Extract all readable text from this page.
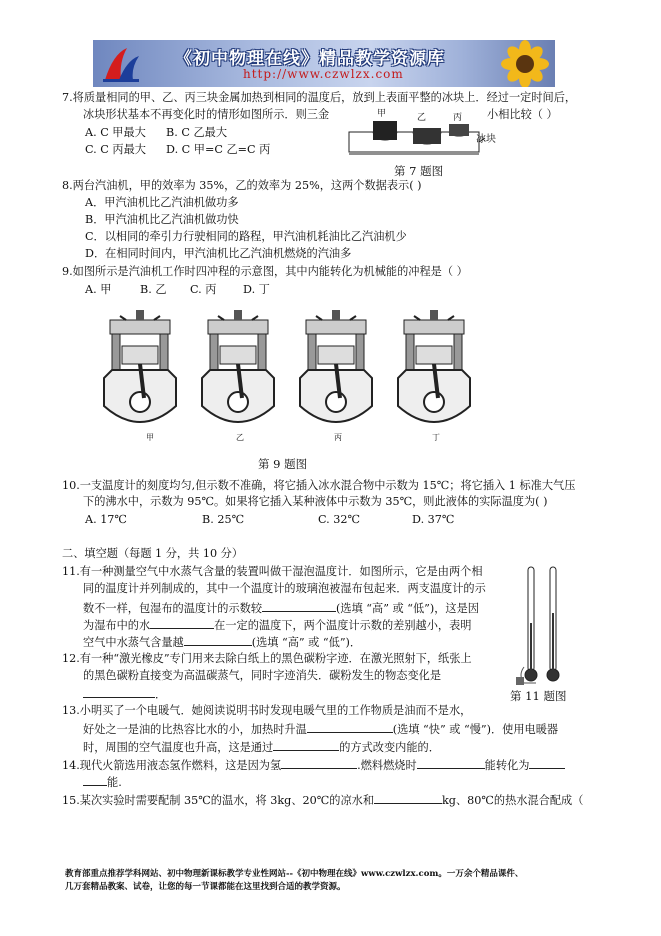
《初中物理在线》精品教学资源库
http://www.czwlzx.com
7.将质量相同的甲、乙、丙三块金属加热到相同的温度后，放到上表面平整的冰块上．经过一定时间后，
冰块形状基本不再变化时的情形如图所示．则三金	小相比较（ ）
A. C 甲最大 B. C 乙最大
C. C 丙最大 D. C 甲=C 乙=C 丙
甲	乙	丙
冰块
第 7 题图
8.两台汽油机，甲的效率为 35%，乙的效率为 25%，这两个数据表示( )
A．甲汽油机比乙汽油机做功多
B．甲汽油机比乙汽油机做功快
C．以相同的牵引力行驶相同的路程，甲汽油机耗油比乙汽油机少
D．在相同时间内，甲汽油机比乙汽油机燃烧的汽油多
9.如图所示是汽油机工作时四冲程的示意图，其中内能转化为机械能的冲程是（ ）
A. 甲	B. 乙 C. 丙 D. 丁
甲	乙	丙	丁
第 9 题图
10.一支温度计的刻度均匀,但示数不准确，将它插入冰水混合物中示数为 15℃；将它插入 1 标准大气压
下的沸水中，示数为 95℃。如果将它插入某种液体中示数为 35℃，则此液体的实际温度为( )
A. 17℃	B. 25℃	C. 32℃	D. 37℃
二、填空题（每题 1 分，共 10 分）
11.有一种测量空气中水蒸气含量的装置叫做干湿泡温度计．如图所示，它是由两个相
同的温度计并列制成的，其中一个温度计的玻璃泡被湿布包起来．两支温度计的示
数不一样，包湿布的温度计的示数较	(选填 “高” 或 “低”)，这是因
为湿布中的水	在一定的温度下，两个温度计示数的差别越小，表明
空气中水蒸气含量越	(选填 “高” 或 “低”)．
第 11 题图
12.有一种“激光橡皮”专门用来去除白纸上的黑色碳粉字迹．在激光照射下，纸张上
的黑色碳粉直接变为高温碳蒸气，同时字迹消失．碳粉发生的物态变化是
．
13.小明买了一个电暖气．她阅读说明书时发现电暖气里的工作物质是油而不是水，
好处之一是油的比热容比水的小，加热时升温	(选填 “快” 或 “慢”)．使用电暖器
时，周围的空气温度也升高，这是通过	的方式改变内能的．
14.现代火箭选用液态氢作燃料，这是因为氢	.燃料燃烧时	能转化为
能.
15.某次实验时需要配制 35℃的温水，将 3kg、20℃的凉水和	kg、80℃的热水混合配成（
教育部重点推荐学科网站、初中物理新课标教学专业性网站--《初中物理在线》www.czwlzx.com。一万余个精品课件、
几万套精品教案、试卷，让您的每一节课都能在这里找到合适的教学资源。
